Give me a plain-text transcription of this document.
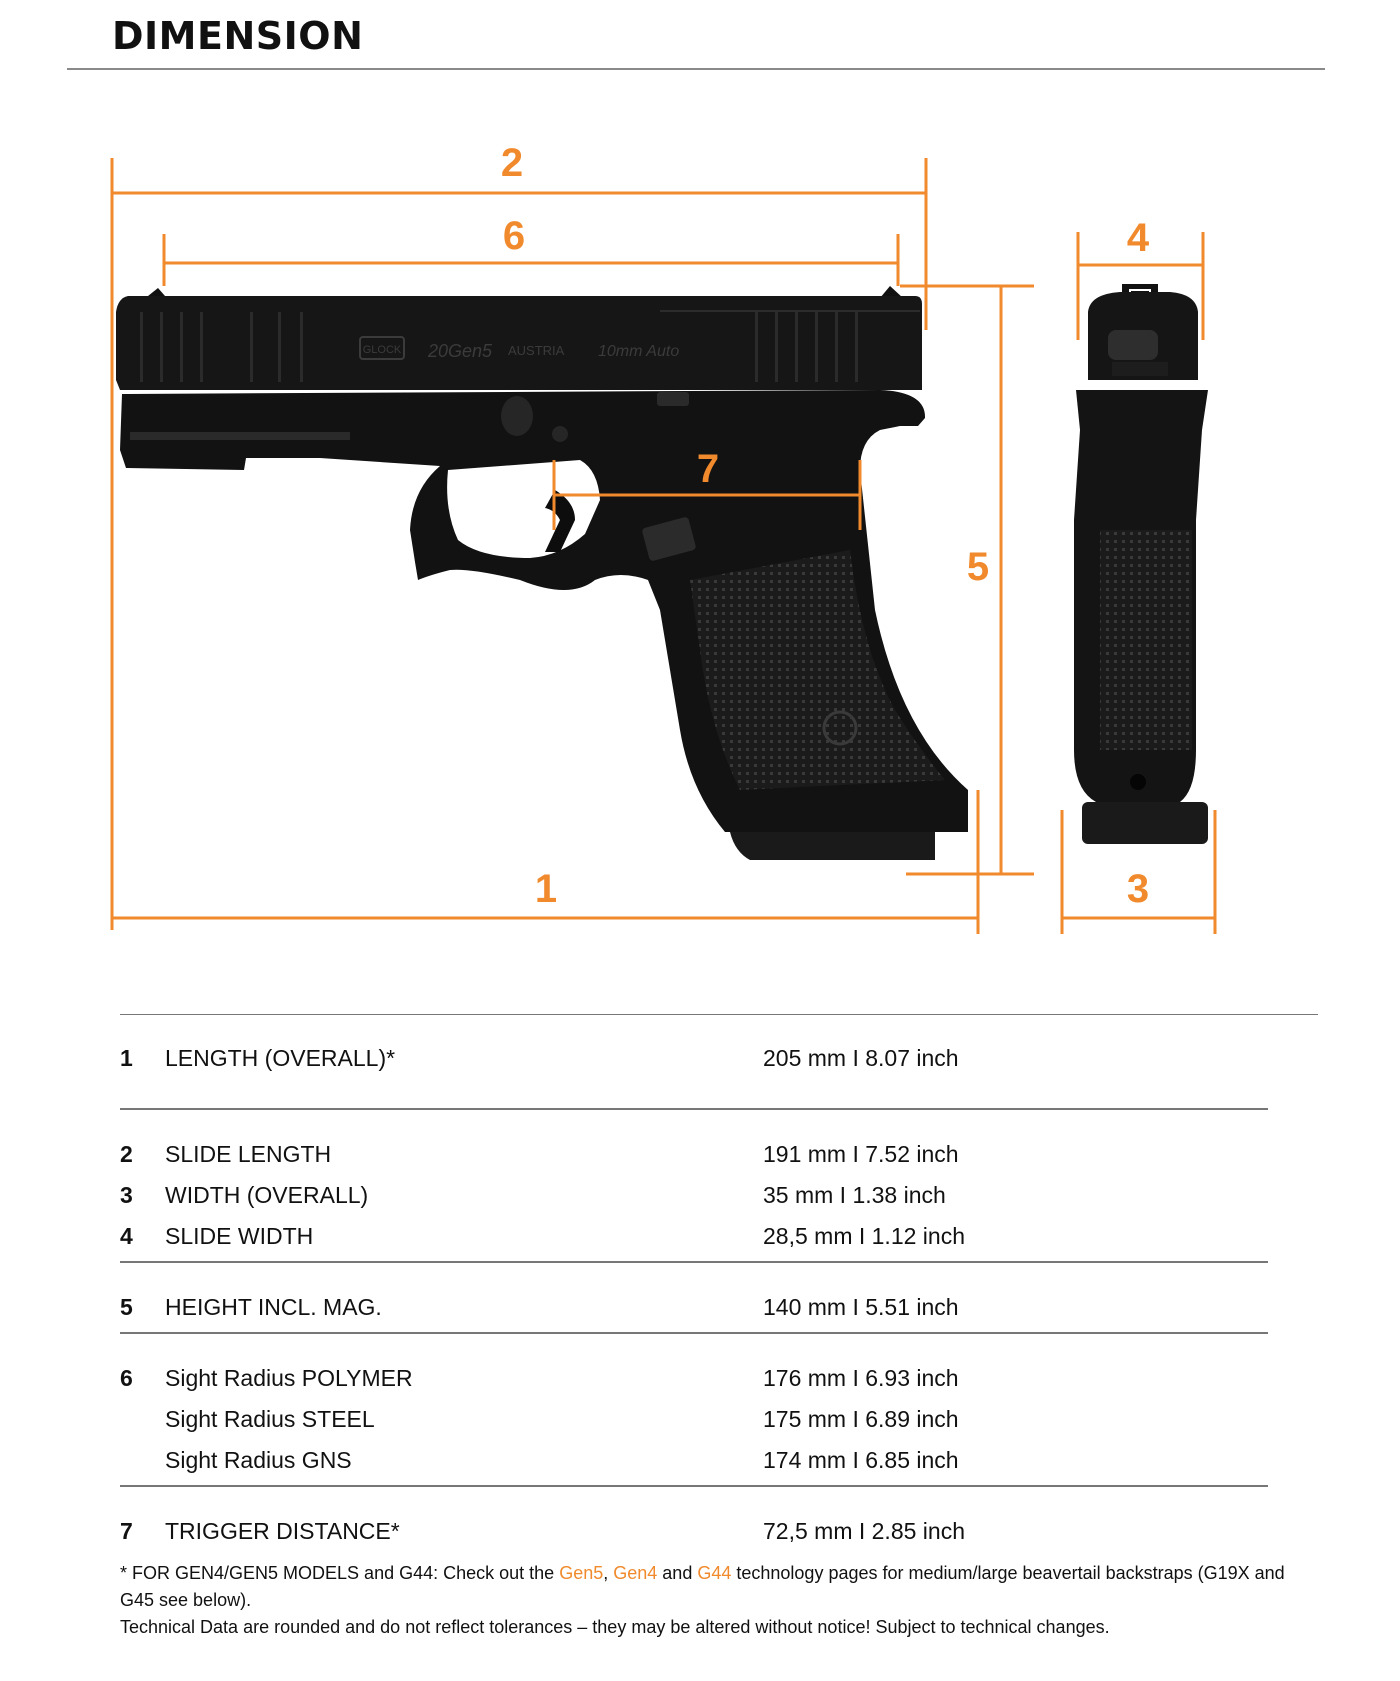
DIMENSION
GLOCK 20Gen5 AUSTRIA 10mm Auto
2
6	4
7
5
1	3
1 LENGTH (OVERALL)*	205 mm I 8.07 inch
2 SLIDE LENGTH	191 mm I 7.52 inch
3 WIDTH (OVERALL)	35 mm I 1.38 inch
4 SLIDE WIDTH	28,5 mm I 1.12 inch
5 HEIGHT INCL. MAG.	140 mm I 5.51 inch
6 Sight Radius POLYMER	176 mm I 6.93 inch
Sight Radius STEEL	175 mm I 6.89 inch
Sight Radius GNS	174 mm I 6.85 inch
7 TRIGGER DISTANCE*	72,5 mm I 2.85 inch
* FOR GEN4/GEN5 MODELS and G44: Check out the Gen5, Gen4 and G44 technology pages for medium/large beavertail backstraps (G19X and G45 see below).
Technical Data are rounded and do not reflect tolerances – they may be altered without notice! Subject to technical changes.
